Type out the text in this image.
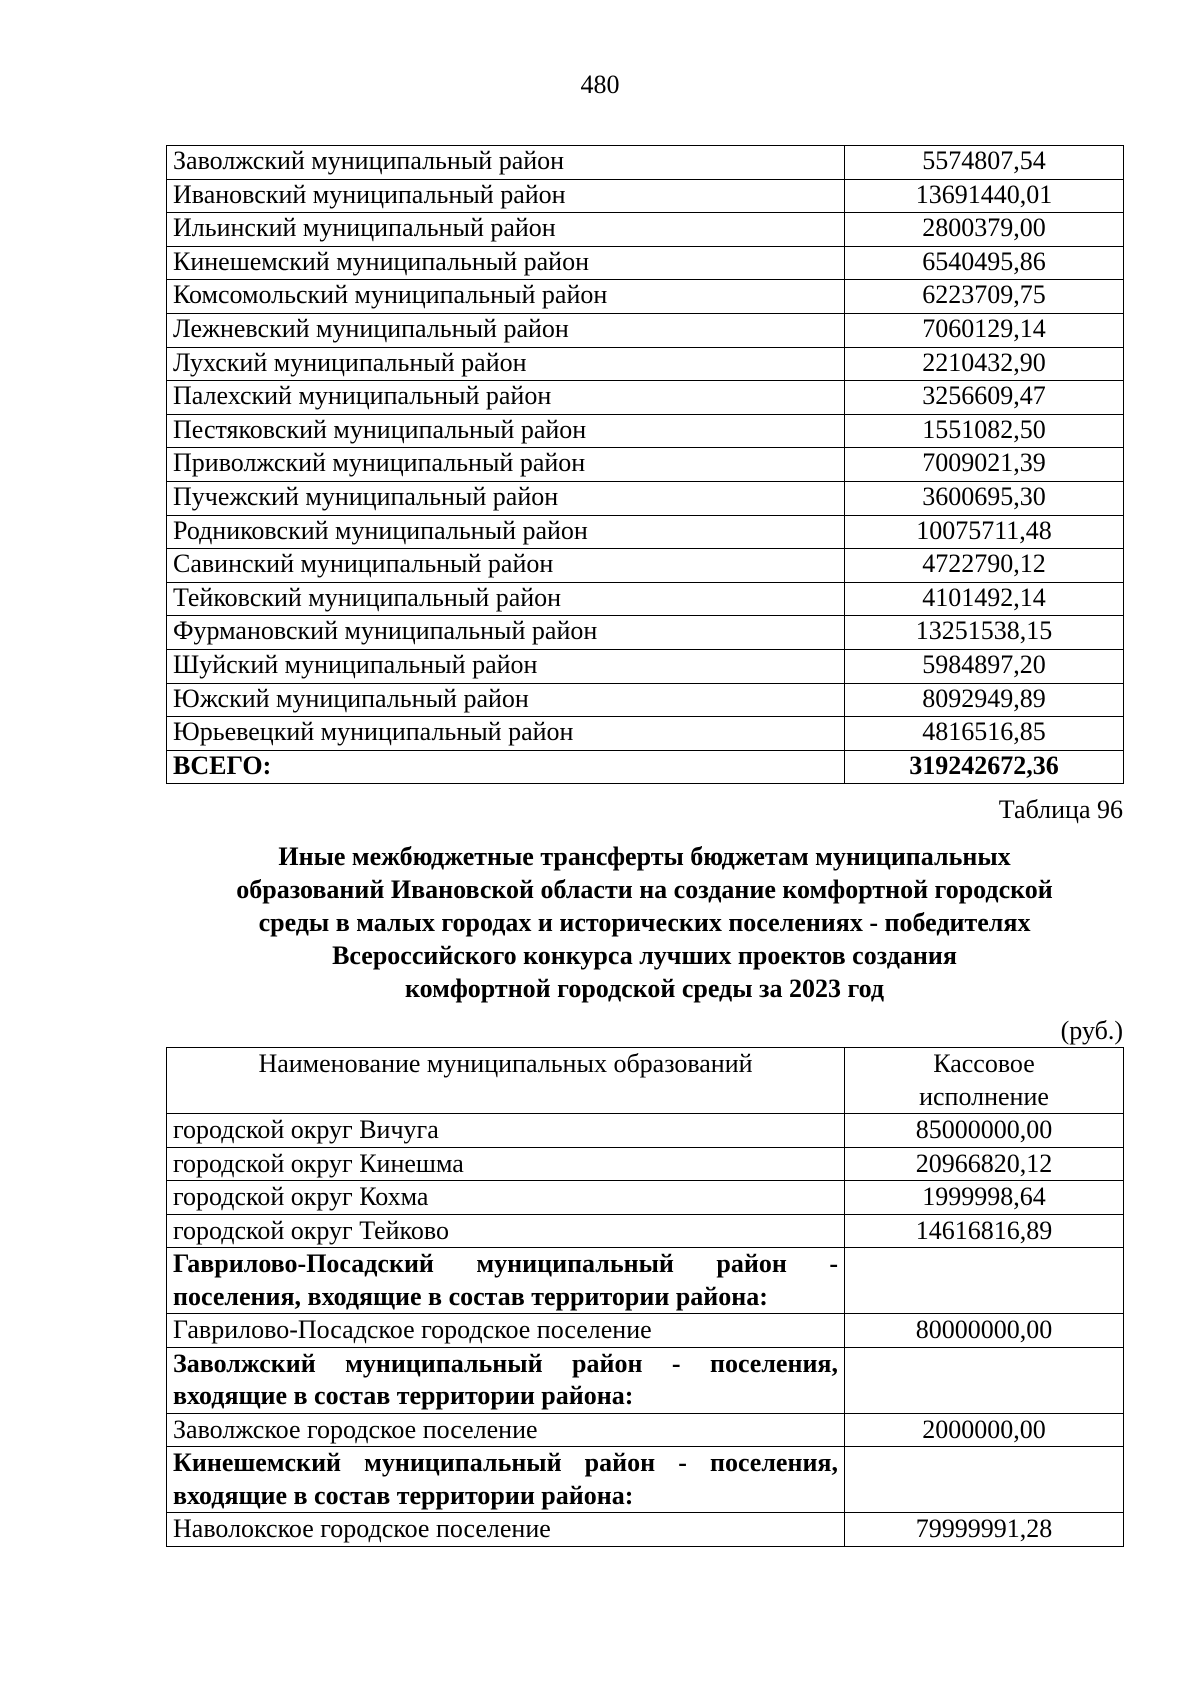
480
Заволжский муниципальный район	5574807,54
Ивановский муниципальный район	13691440,01
Ильинский муниципальный район	2800379,00
Кинешемский муниципальный район	6540495,86
Комсомольский муниципальный район	6223709,75
Лежневский муниципальный район	7060129,14
Лухский муниципальный район	2210432,90
Палехский муниципальный район	3256609,47
Пестяковский муниципальный район	1551082,50
Приволжский муниципальный район	7009021,39
Пучежский муниципальный район	3600695,30
Родниковский муниципальный район	10075711,48
Савинский муниципальный район	4722790,12
Тейковский муниципальный район	4101492,14
Фурмановский муниципальный район	13251538,15
Шуйский муниципальный район	5984897,20
Южский муниципальный район	8092949,89
Юрьевецкий муниципальный район	4816516,85
ВСЕГО:	319242672,36
Таблица 96
Иные межбюджетные трансферты бюджетам муниципальных
образований Ивановской области на создание комфортной городской
среды в малых городах и исторических поселениях - победителях
Всероссийского конкурса лучших проектов создания
комфортной городской среды за 2023 год
(руб.)
Наименование муниципальных образований	Кассовое
исполнение

городской округ Вичуга	85000000,00
городской округ Кинешма	20966820,12
городской округ Кохма	1999998,64
городской округ Тейково	14616816,89
Гаврилово-Посадский муниципальный район - поселения, входящие в состав территории района:	
Гаврилово-Посадское городское поселение	80000000,00
Заволжский муниципальный район - поселения, входящие в состав территории района:	
Заволжское городское поселение	2000000,00
Кинешемский муниципальный район - поселения, входящие в состав территории района:	
Наволокское городское поселение	79999991,28
